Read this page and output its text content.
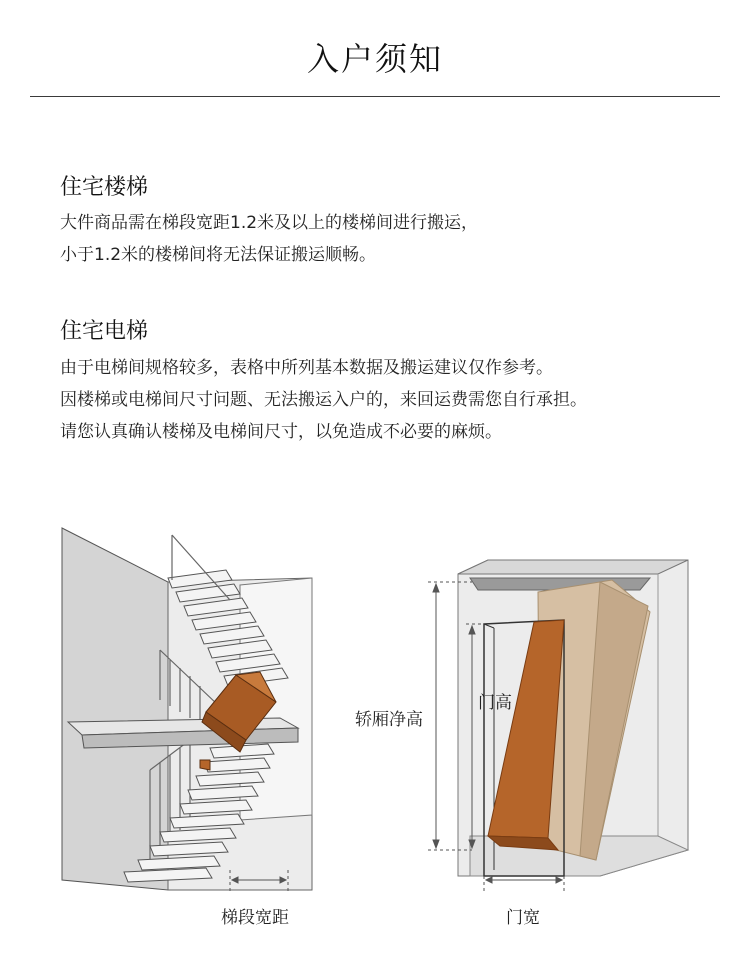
入户须知
住宅楼梯
大件商品需在梯段宽距1.2米及以上的楼梯间进行搬运，
小于1.2米的楼梯间将无法保证搬运顺畅。
住宅电梯
由于电梯间规格较多，表格中所列基本数据及搬运建议仅作参考。
因楼梯或电梯间尺寸问题、无法搬运入户的，来回运费需您自行承担。
请您认真确认楼梯及电梯间尺寸，以免造成不必要的麻烦。
梯段宽距
轿厢净高
门高
门宽
